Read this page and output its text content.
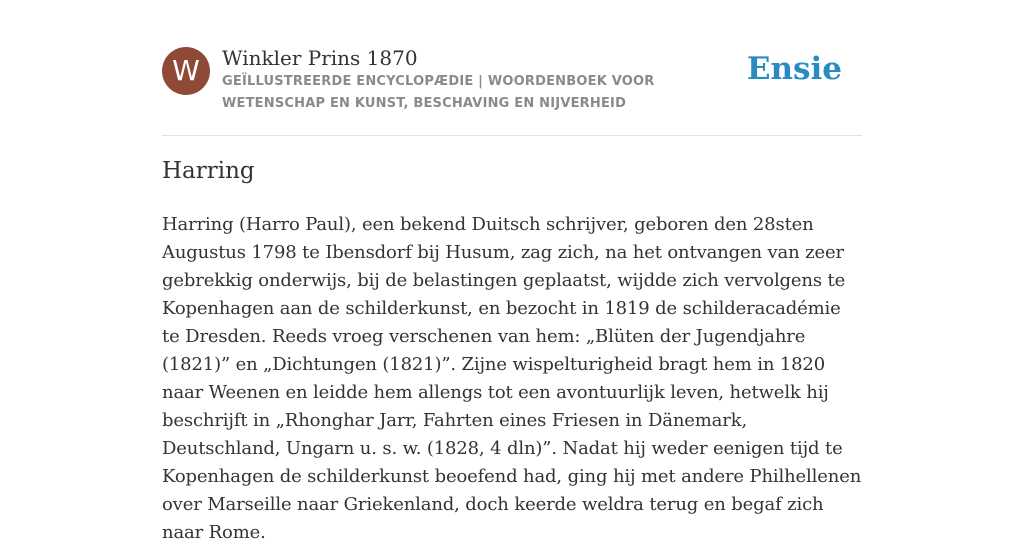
W	Winkler Prins 1870
GEÏLLUSTREERDE ENCYCLOPÆDIE | WOORDENBOEK VOOR WETENSCHAP EN KUNST, BESCHAVING EN NIJVERHEID
Ensie
Harring

Harring (Harro Paul), een bekend Duitsch schrijver, geboren den 28sten Augustus 1798 te Ibensdorf bij Husum, zag zich, na het ontvangen van zeer gebrekkig onderwijs, bij de belastingen geplaatst, wijdde zich vervolgens te Kopenhagen aan de schilderkunst, en bezocht in 1819 de schilderacadémie te Dresden. Reeds vroeg verschenen van hem: „Blüten der Jugendjahre (1821)” en „Dichtungen (1821)”. Zijne wispelturigheid bragt hem in 1820 naar Weenen en leidde hem allengs tot een avontuurlijk leven, hetwelk hij beschrijft in „Rhonghar Jarr, Fahrten eines Friesen in Dänemark, Deutschland, Ungarn u. s. w. (1828, 4 dln)”. Nadat hij weder eenigen tijd te Kopenhagen de schilderkunst beoefend had, ging hij met andere Philhellenen over Marseille naar Griekenland, doch keerde weldra terug en begaf zich naar Rome.
